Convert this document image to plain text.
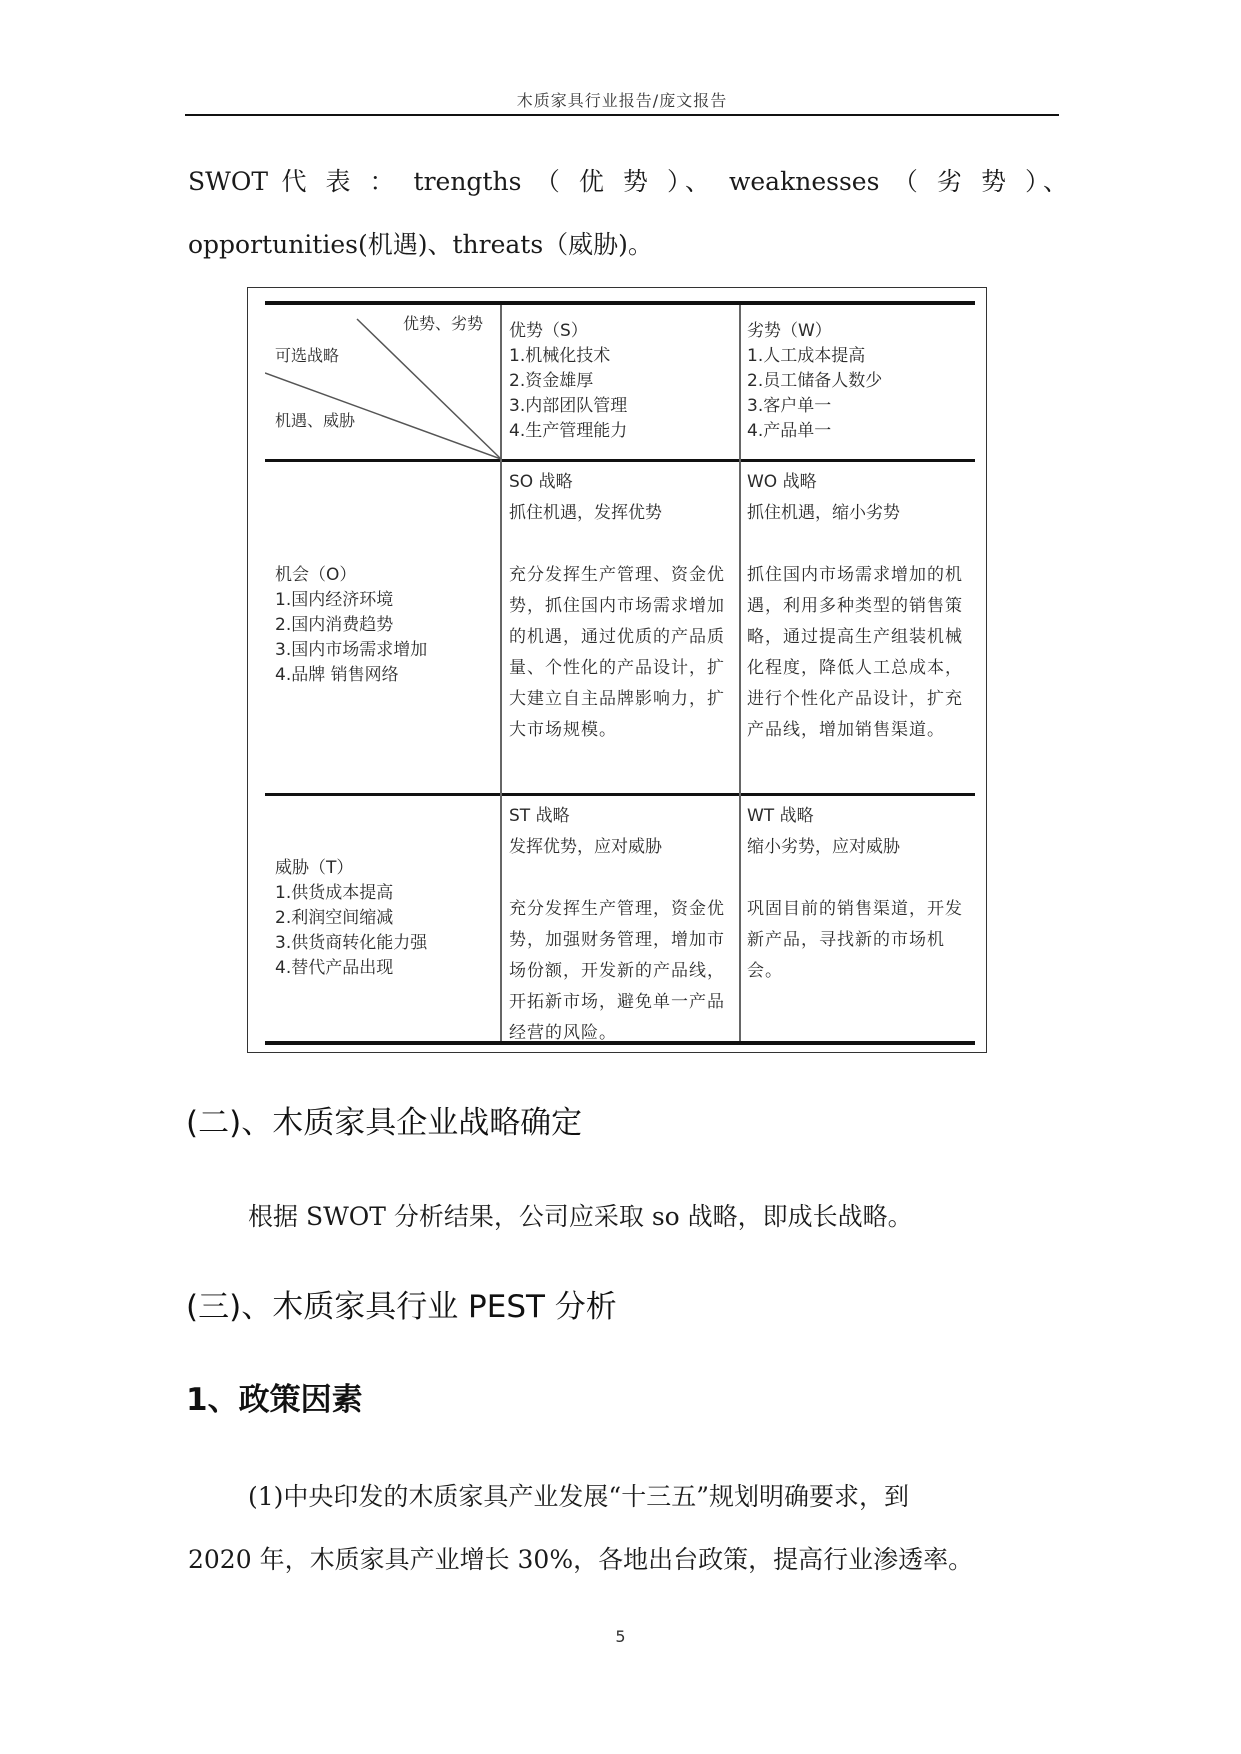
木质家具行业报告/庞文报告

SWOT 代 表 ： trengths （ 优 势 ）、 weaknesses （ 劣 势 ）、

opportunities(机遇)、threats（威胁)。

优势、劣势
可选战略
机遇、威胁
优势（S）
1.机械化技术
2.资金雄厚
3.内部团队管理
4.生产管理能力
劣势（W）
1.人工成本提高
2.员工储备人数少
3.客户单一
4.产品单一
机会（O）
1.国内经济环境
2.国内消费趋势
3.国内市场需求增加
4.品牌 销售网络
SO 战略
抓住机遇，发挥优势
充分发挥生产管理、资金优势，抓住国内市场需求增加的机遇，通过优质的产品质量、个性化的产品设计，扩大建立自主品牌影响力，扩大市场规模。
WO 战略
抓住机遇，缩小劣势
抓住国内市场需求增加的机遇，利用多种类型的销售策略，通过提高生产组装机械化程度，降低人工总成本，进行个性化产品设计，扩充产品线，增加销售渠道。
威胁（T）
1.供货成本提高
2.利润空间缩减
3.供货商转化能力强
4.替代产品出现
ST 战略
发挥优势，应对威胁
充分发挥生产管理，资金优势，加强财务管理，增加市场份额，开发新的产品线，开拓新市场，避免单一产品经营的风险。
WT 战略
缩小劣势，应对威胁
巩固目前的销售渠道，开发新产品，寻找新的市场机会。
(二)、木质家具企业战略确定

根据 SWOT 分析结果，公司应采取 so 战略，即成长战略。

(三)、木质家具行业 PEST 分析
1、政策因素

(1)中央印发的木质家具产业发展“十三五”规划明确要求，到

2020 年，木质家具产业增长 30%，各地出台政策，提高行业渗透率。

5
